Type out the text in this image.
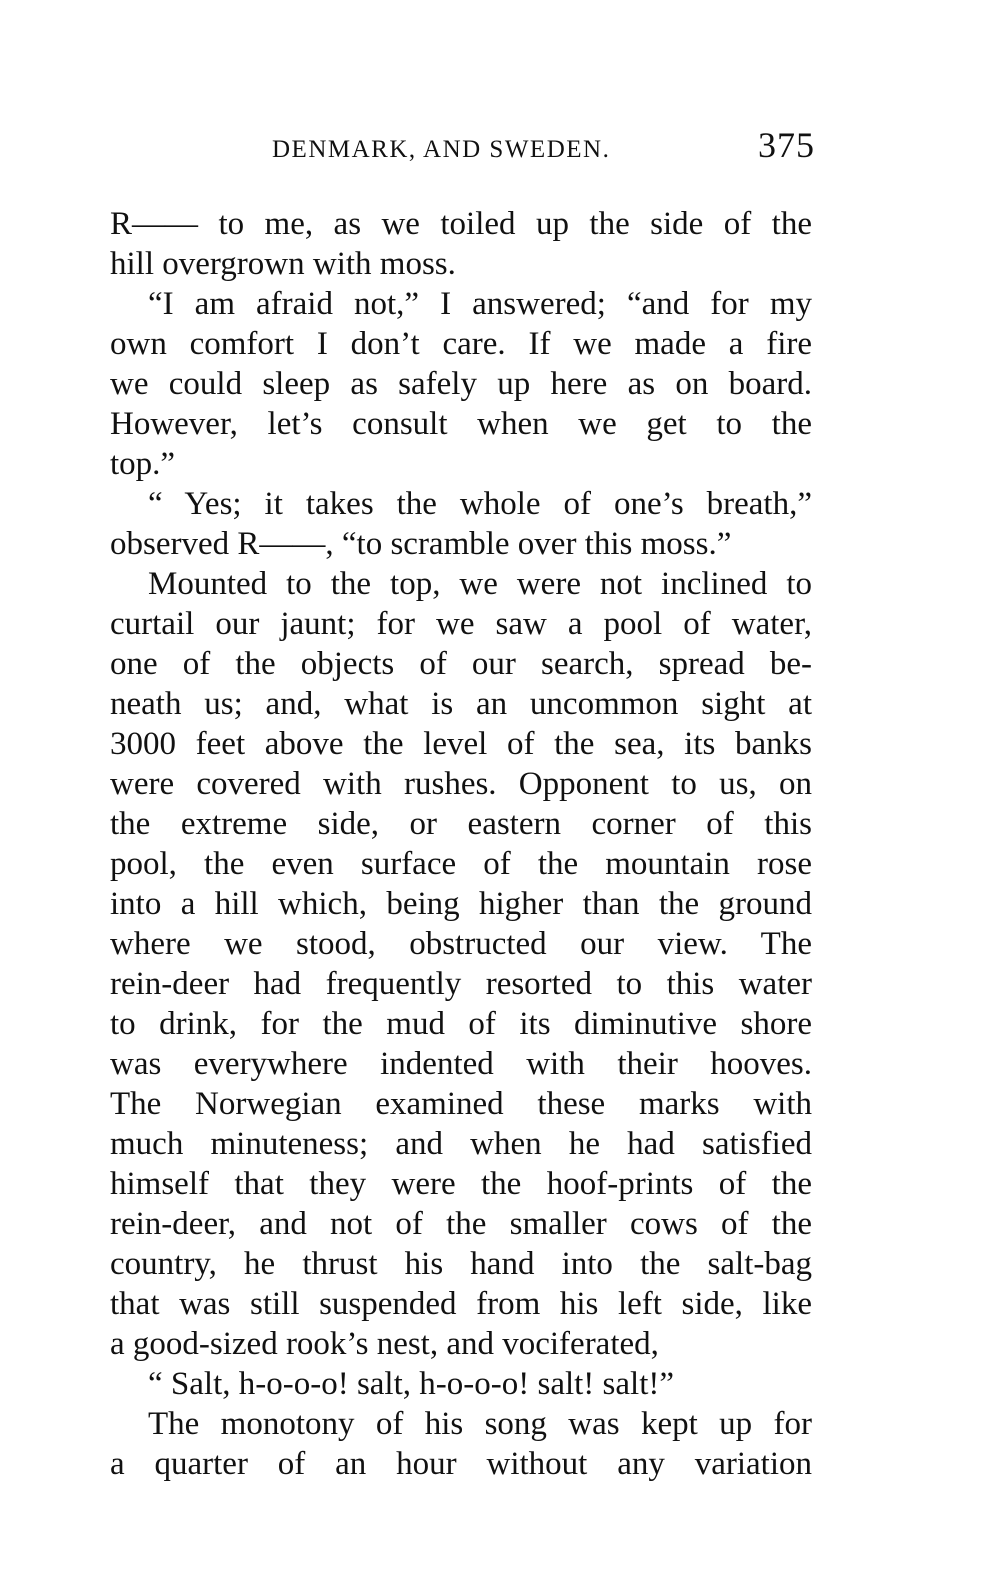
DENMARK, AND SWEDEN.	375
R—— to me, as we toiled up the side of the
hill overgrown with moss.
“I am afraid not,” I answered; “and for my
own comfort I don’t care. If we made a fire
we could sleep as safely up here as on board.
However, let’s consult when we get to the
top.”
“ Yes; it takes the whole of one’s breath,”
observed R——, “to scramble over this moss.”
Mounted to the top, we were not inclined to
curtail our jaunt; for we saw a pool of water,
one of the objects of our search, spread be-
neath us; and, what is an uncommon sight at
3000 feet above the level of the sea, its banks
were covered with rushes. Opponent to us, on
the extreme side, or eastern corner of this
pool, the even surface of the mountain rose
into a hill which, being higher than the ground
where we stood, obstructed our view. The
rein-deer had frequently resorted to this water
to drink, for the mud of its diminutive shore
was everywhere indented with their hooves.
The Norwegian examined these marks with
much minuteness; and when he had satisfied
himself that they were the hoof-prints of the
rein-deer, and not of the smaller cows of the
country, he thrust his hand into the salt-bag
that was still suspended from his left side, like
a good-sized rook’s nest, and vociferated,
“ Salt, h-o-o-o! salt, h-o-o-o! salt! salt!”
The monotony of his song was kept up for
a quarter of an hour without any variation
